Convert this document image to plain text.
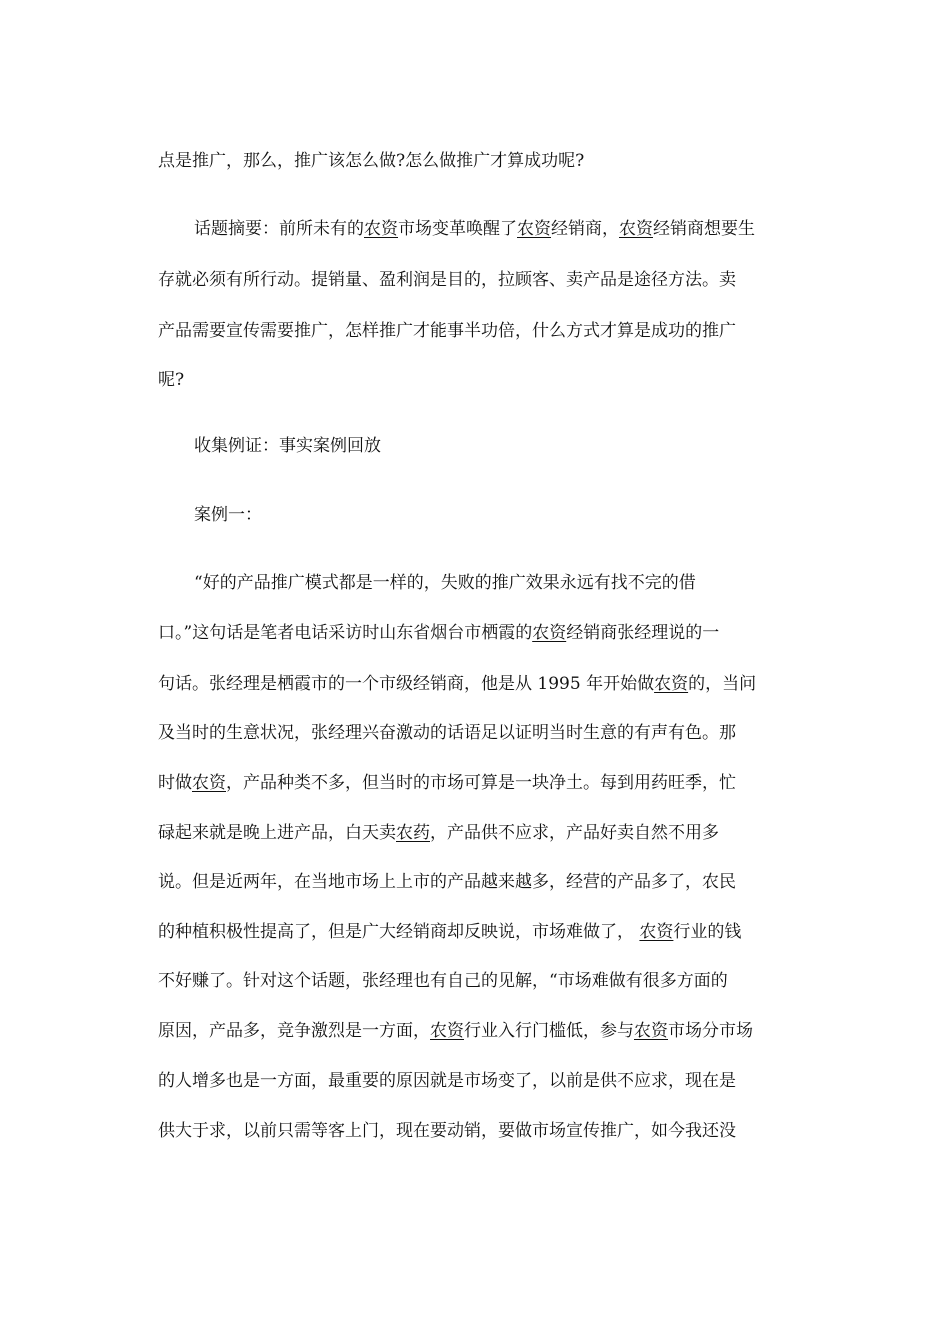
点是推广，那么，推广该怎么做?怎么做推广才算成功呢?
话题摘要：前所未有的农资市场变革唤醒了农资经销商，农资经销商想要生
存就必须有所行动。提销量、盈利润是目的，拉顾客、卖产品是途径方法。卖
产品需要宣传需要推广，怎样推广才能事半功倍，什么方式才算是成功的推广
呢?
收集例证：事实案例回放
案例一：
“好的产品推广模式都是一样的，失败的推广效果永远有找不完的借
口。”这句话是笔者电话采访时山东省烟台市栖霞的农资经销商张经理说的一
句话。张经理是栖霞市的一个市级经销商，他是从 1995 年开始做农资的，当问
及当时的生意状况，张经理兴奋激动的话语足以证明当时生意的有声有色。那
时做农资，产品种类不多，但当时的市场可算是一块净土。每到用药旺季，忙
碌起来就是晚上进产品，白天卖农药，产品供不应求，产品好卖自然不用多
说。但是近两年，在当地市场上上市的产品越来越多，经营的产品多了，农民
的种植积极性提高了，但是广大经销商却反映说，市场难做了， 农资行业的钱
不好赚了。针对这个话题，张经理也有自己的见解，“市场难做有很多方面的
原因，产品多，竞争激烈是一方面，农资行业入行门槛低，参与农资市场分市场
的人增多也是一方面，最重要的原因就是市场变了，以前是供不应求，现在是
供大于求，以前只需等客上门，现在要动销，要做市场宣传推广，如今我还没
